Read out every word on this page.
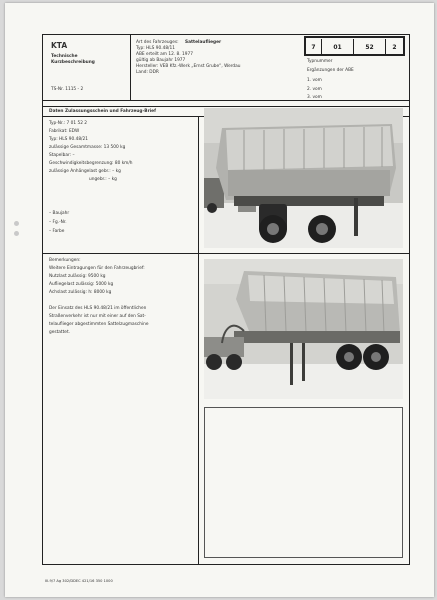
KTA
Technische
Kurzbeschreibung
TS-Nr. 1115 - 2
Art des Fahrzeuges: Sattelauflieger
Typ: HLS 90.48/11
ABE erteilt am 12. 8. 1977
gültig ab Baujahr 1977
Hersteller: VEB Kfz.-Werk „Ernst Grube“, Werdau
Land: DDR
7	01	52	2
Typnummer
Ergänzungen der ABE
1. vom
2. vom
3. vom
Daten Zulassungsschein und Fahrzeug-Brief
Typ-Nr.: 7 01 52 2
Fabrikat: EDW
Typ: HLS 90.48/21
zulässige Gesamtmasse: 13 500 kg
Stapelbar: –
Geschwindigkeitsbegrenzung: 80 km/h
zulässige Anhängelast gebr.: – kg
ungebr.: – kg
– Baujahr
– Fg.-Nr.
– Farbe
Bemerkungen:
Weitere Eintragungen für den Fahrzeugbrief:
Nutzlast zulässig: 9500 kg
Aufliegelast zulässig: 5000 kg
Achslast zulässig: h: 8000 kg
Der Einsatz des HLS 90.48/21 im öffentlichen
Straßenverkehr ist nur mit einer auf den Sat-
telauflieger abgestimmten Sattelzugmaschine
gestattet.
III-9/7 Ag 302/DDEC 421/16 350 1000
